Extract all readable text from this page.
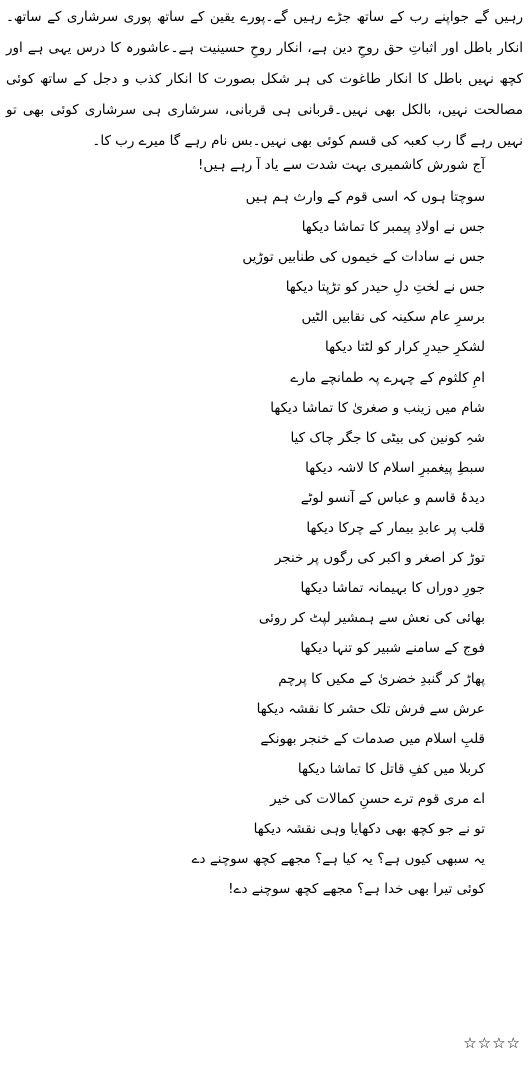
رہیں گے جواپنے رب کے ساتھ جڑے رہیں گے۔پورے یقین کے ساتھ پوری سرشاری کے ساتھ۔انکار باطل اور اثباتِ حق روحِ دین ہے، انکار روحِ حسینیت ہے۔عاشورہ کا درس یہی ہے اور کچھ نہیں باطل کا انکار طاغوت کی ہر شکل بصورت کا انکار کذب و دجل کے ساتھ کوئی مصالحت نہیں، بالکل بھی نہیں۔قربانی ہی قربانی، سرشاری ہی سرشاری کوئی بھی تو نہیں رہے گا رب کعبہ کی قسم کوئی بھی نہیں۔بس نام رہے گا میرے رب کا۔

آج شورش کاشمیری بہت شدت سے یاد آ رہے ہیں!

سوچتا ہوں کہ اسی قوم کے وارث ہم ہیں
جس نے اولادِ پیمبر کا تماشا دیکھا
جس نے سادات کے خیموں کی طنابیں توڑیں
جس نے لختِ دلِ حیدر کو تڑپتا دیکھا
برسرِ عام سکینہ کی نقابیں الٹیں
لشکرِ حیدرِ کرار کو لٹتا دیکھا
امِ کلثوم کے چہرے پہ طمانچے مارے
شام میں زینب و صغریٰ کا تماشا دیکھا
شہِ کونین کی بیٹی کا جگر چاک کیا
سبطِ پیغمبرِ اسلام کا لاشہ دیکھا
دیدۂ قاسم و عباس کے آنسو لوٹے
قلب پر عابدِ بیمار کے چرکا دیکھا
توڑ کر اصغر و اکبر کی رگوں پر خنجر
جورِ دوراں کا بہیمانہ تماشا دیکھا
بھائی کی نعش سے ہمشیر لپٹ کر روئی
فوج کے سامنے شبیر کو تنہا دیکھا
پھاڑ کر گنبدِ خضریٰ کے مکیں کا پرچم
عرش سے فرش تلک حشر کا نقشہ دیکھا
قلبِ اسلام میں صدمات کے خنجر بھونکے
کربلا میں کفِ قاتل کا تماشا دیکھا
اے مری قوم ترے حسنِ کمالات کی خیر
تو نے جو کچھ بھی دکھایا وہی نقشہ دیکھا
یہ سبھی کیوں ہے؟ یہ کیا ہے؟ مجھے کچھ سوچنے دے
کوئی تیرا بھی خدا ہے؟ مجھے کچھ سوچنے دے!

☆☆☆☆
